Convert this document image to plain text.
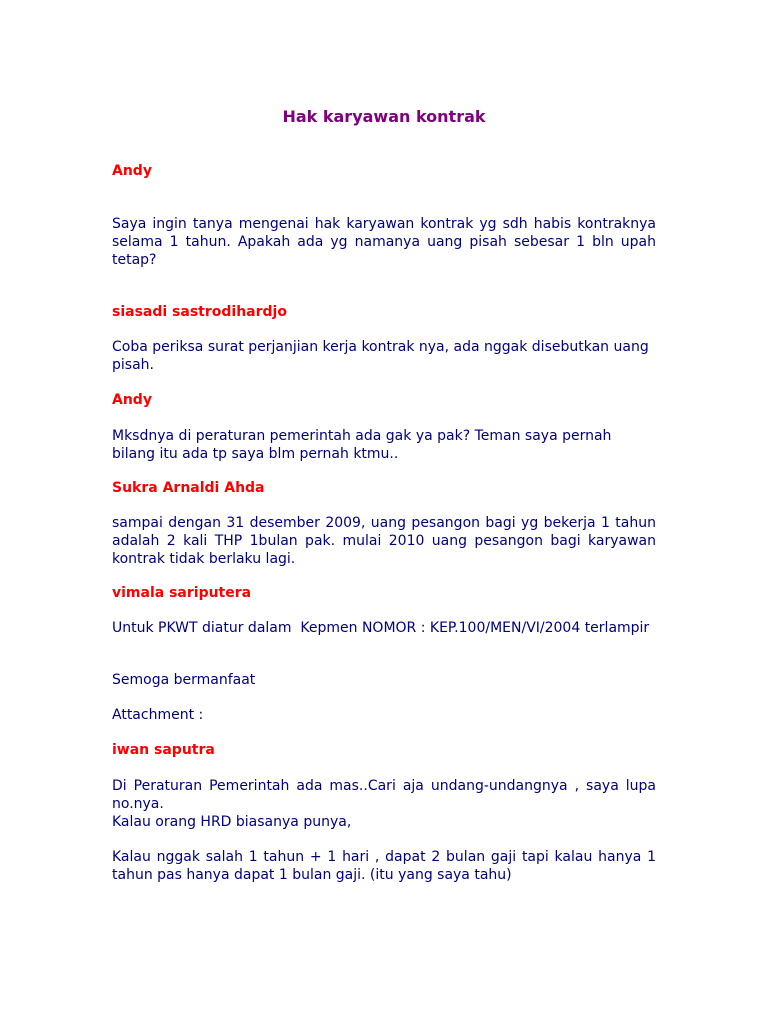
Hak karyawan kontrak

Andy

Saya ingin tanya mengenai hak karyawan kontrak yg sdh habis kontraknya selama 1 tahun. Apakah ada yg namanya uang pisah sebesar 1 bln upah tetap?

siasadi sastrodihardjo

Coba periksa surat perjanjian kerja kontrak nya, ada nggak disebutkan uang pisah.

Andy

Mksdnya di peraturan pemerintah ada gak ya pak? Teman saya pernah bilang itu ada tp saya blm pernah ktmu..

Sukra Arnaldi Ahda

sampai dengan 31 desember 2009, uang pesangon bagi yg bekerja 1 tahun adalah 2 kali THP 1bulan pak. mulai 2010 uang pesangon bagi karyawan kontrak tidak berlaku lagi.

vimala sariputera

Untuk PKWT diatur dalam  Kepmen NOMOR : KEP.100/MEN/VI/2004 terlampir

Semoga bermanfaat

Attachment :

iwan saputra

Di Peraturan Pemerintah ada mas..Cari aja undang-undangnya , saya lupa no.nya.

Kalau orang HRD biasanya punya,

Kalau nggak salah 1 tahun + 1 hari , dapat 2 bulan gaji tapi kalau hanya 1 tahun pas hanya dapat 1 bulan gaji. (itu yang saya tahu)
